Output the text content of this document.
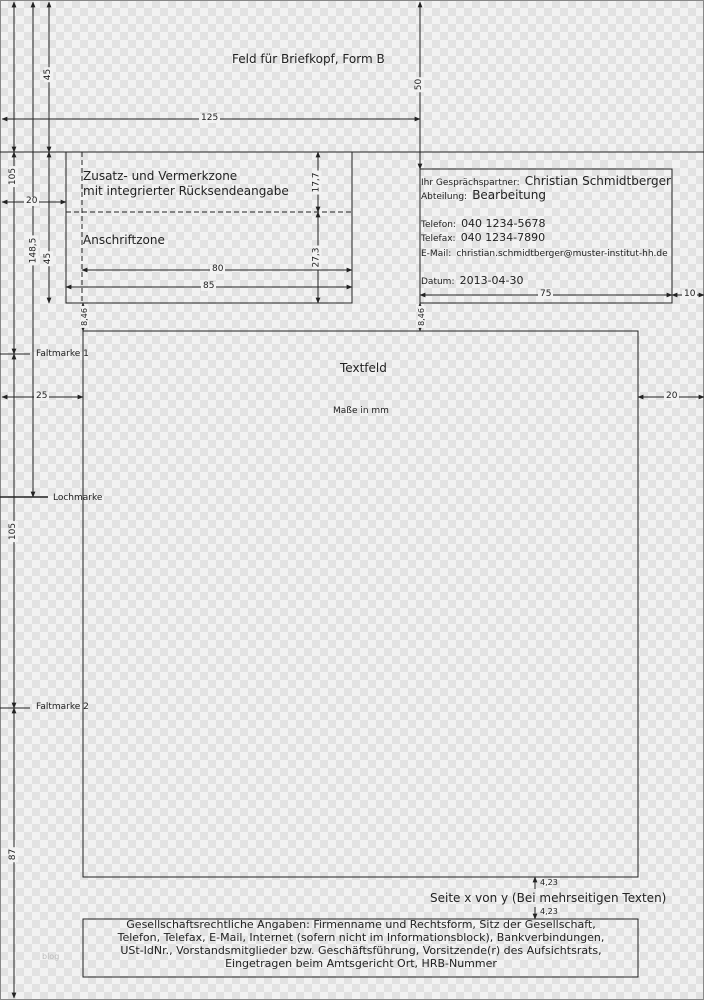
Feld für Briefkopf, Form B
Zusatz- und Vermerkzone
mit integrierter Rücksendeangabe
Anschriftzone
Ihr Gesprächspartner: Christian Schmidtberger
Abteilung: Bearbeitung
Telefon: 040 1234-5678
Telefax: 040 1234-7890
E-Mail: christian.schmidtberger@muster-institut-hh.de
Datum: 2013-04-30
Faltmarke 1
Lochmarke
Faltmarke 2
Textfeld
Maße in mm
Seite x von y (Bei mehrseitigen Texten)
Gesellschaftsrechtliche Angaben: Firmenname und Rechtsform, Sitz der Gesellschaft,
Telefon, Telefax, E-Mail, Internet (sofern nicht im Informationsblock), Bankverbindungen,
USt-IdNr., Vorstandsmitglieder bzw. Geschäftsführung, Vorsitzende(r) des Aufsichtsrats,
Eingetragen beim Amtsgericht Ort, HRB-Nummer
blog
45
105
20
148,5 45
125
50
17,7
27,3
80
85
75	10
8,46	8,46
25	20
105
87
4,23
4,23
